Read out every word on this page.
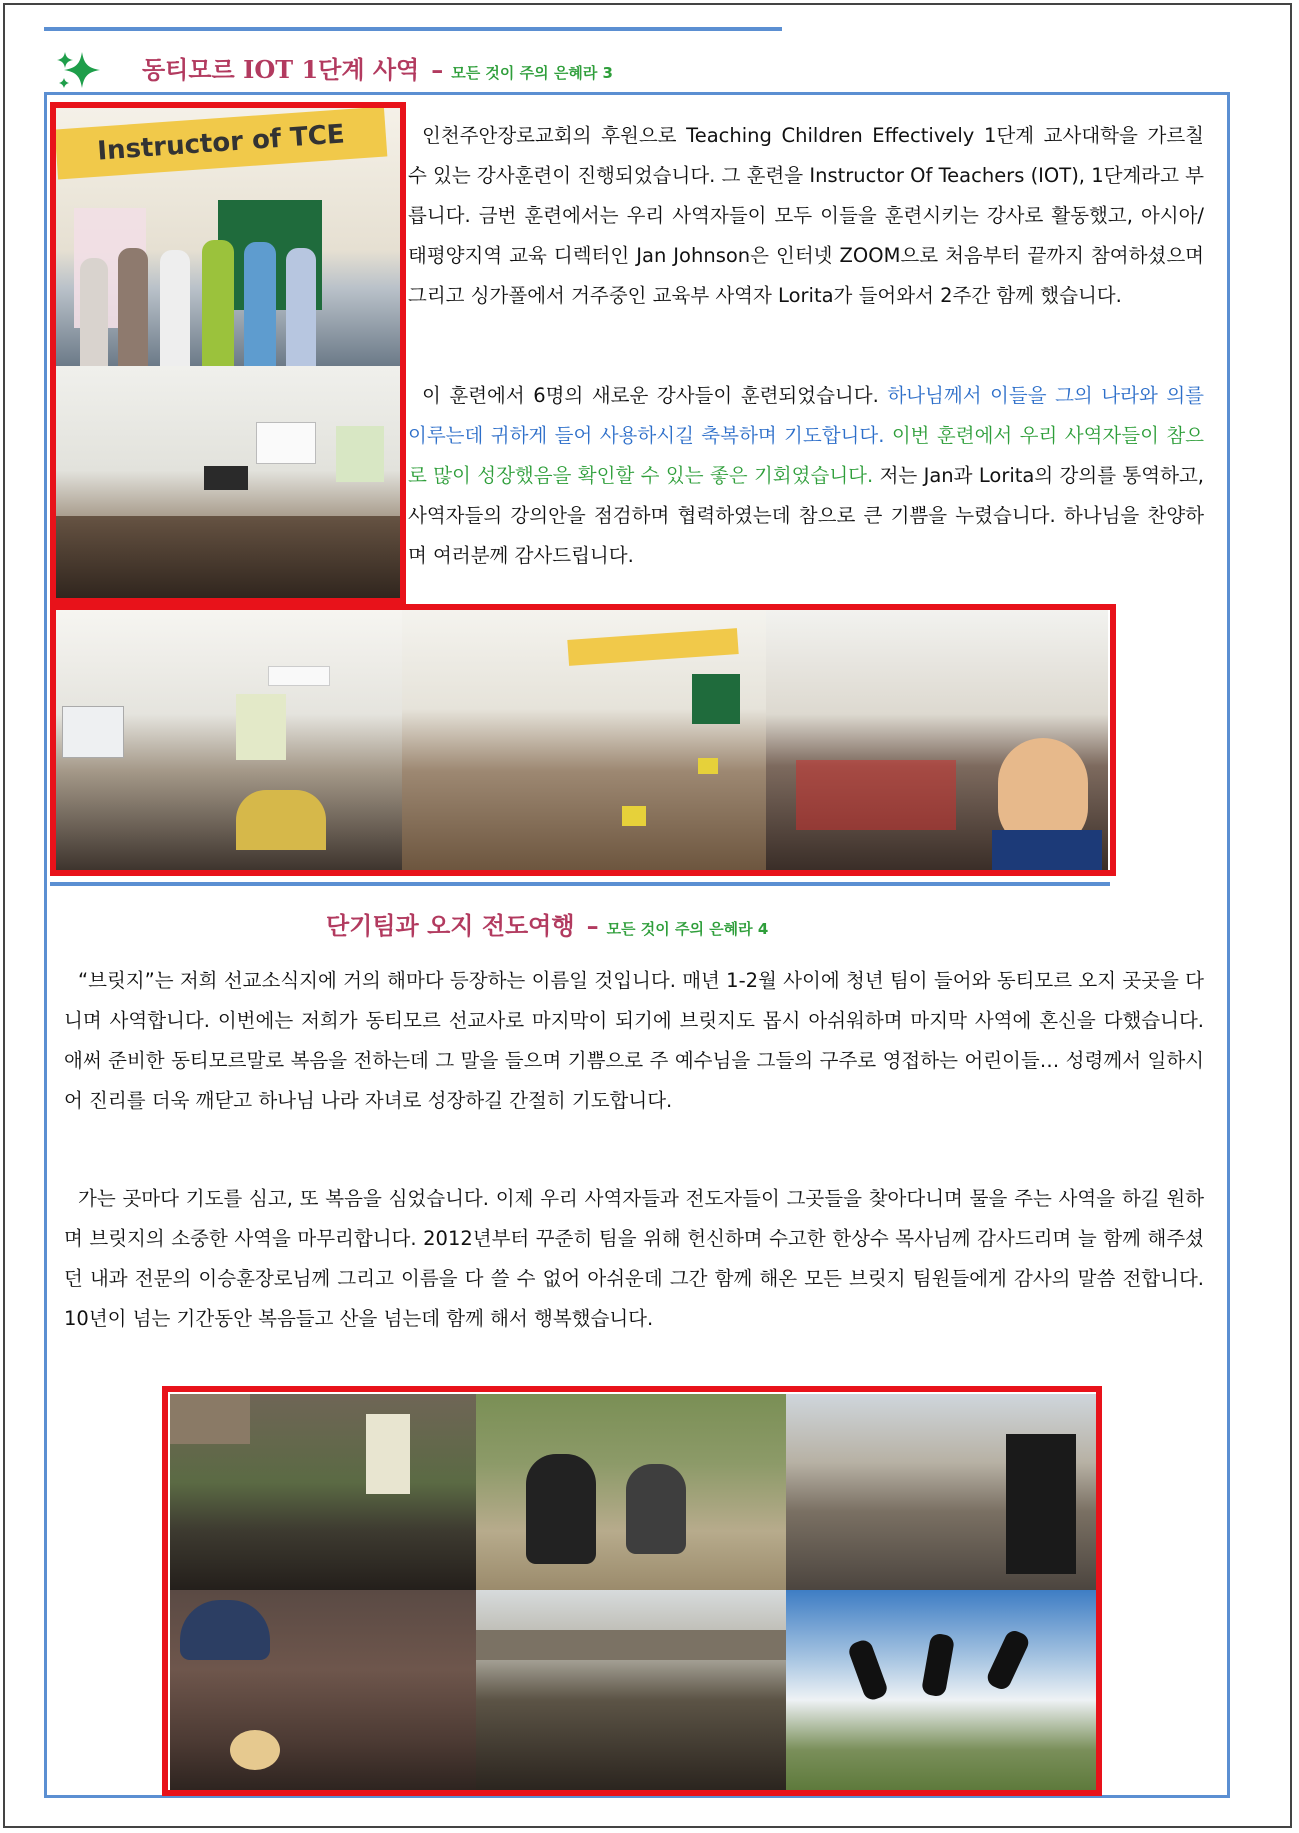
동티모르 IOT 1단계 사역 – 모든 것이 주의 은혜라 3
Instructor of TCE	인천주안장로교회의 후원으로 Teaching Children Effectively 1단계 교사대학을 가르칠 수 있는 강사훈련이 진행되었습니다. 그 훈련을 Instructor Of Teachers (IOT), 1단계라고 부릅니다. 금번 훈련에서는 우리 사역자들이 모두 이들을 훈련시키는 강사로 활동했고, 아시아/태평양지역 교육 디렉터인 Jan Johnson은 인터넷 ZOOM으로 처음부터 끝까지 참여하셨으며 그리고 싱가폴에서 거주중인 교육부 사역자 Lorita가 들어와서 2주간 함께 했습니다.

이 훈련에서 6명의 새로운 강사들이 훈련되었습니다. 하나님께서 이들을 그의 나라와 의를 이루는데 귀하게 들어 사용하시길 축복하며 기도합니다. 이번 훈련에서 우리 사역자들이 참으로 많이 성장했음을 확인할 수 있는 좋은 기회였습니다. 저는 Jan과 Lorita의 강의를 통역하고, 사역자들의 강의안을 점검하며 협력하였는데 참으로 큰 기쁨을 누렸습니다. 하나님을 찬양하며 여러분께 감사드립니다.

단기팀과 오지 전도여행 – 모든 것이 주의 은혜라 4

“브릿지”는 저희 선교소식지에 거의 해마다 등장하는 이름일 것입니다. 매년 1-2월 사이에 청년 팀이 들어와 동티모르 오지 곳곳을 다니며 사역합니다. 이번에는 저희가 동티모르 선교사로 마지막이 되기에 브릿지도 몹시 아쉬워하며 마지막 사역에 혼신을 다했습니다. 애써 준비한 동티모르말로 복음을 전하는데 그 말을 들으며 기쁨으로 주 예수님을 그들의 구주로 영접하는 어린이들… 성령께서 일하시어 진리를 더욱 깨닫고 하나님 나라 자녀로 성장하길 간절히 기도합니다.

가는 곳마다 기도를 심고, 또 복음을 심었습니다. 이제 우리 사역자들과 전도자들이 그곳들을 찾아다니며 물을 주는 사역을 하길 원하며 브릿지의 소중한 사역을 마무리합니다. 2012년부터 꾸준히 팀을 위해 헌신하며 수고한 한상수 목사님께 감사드리며 늘 함께 해주셨던 내과 전문의 이승훈장로님께 그리고 이름을 다 쓸 수 없어 아쉬운데 그간 함께 해온 모든 브릿지 팀원들에게 감사의 말씀 전합니다. 10년이 넘는 기간동안 복음들고 산을 넘는데 함께 해서 행복했습니다.
